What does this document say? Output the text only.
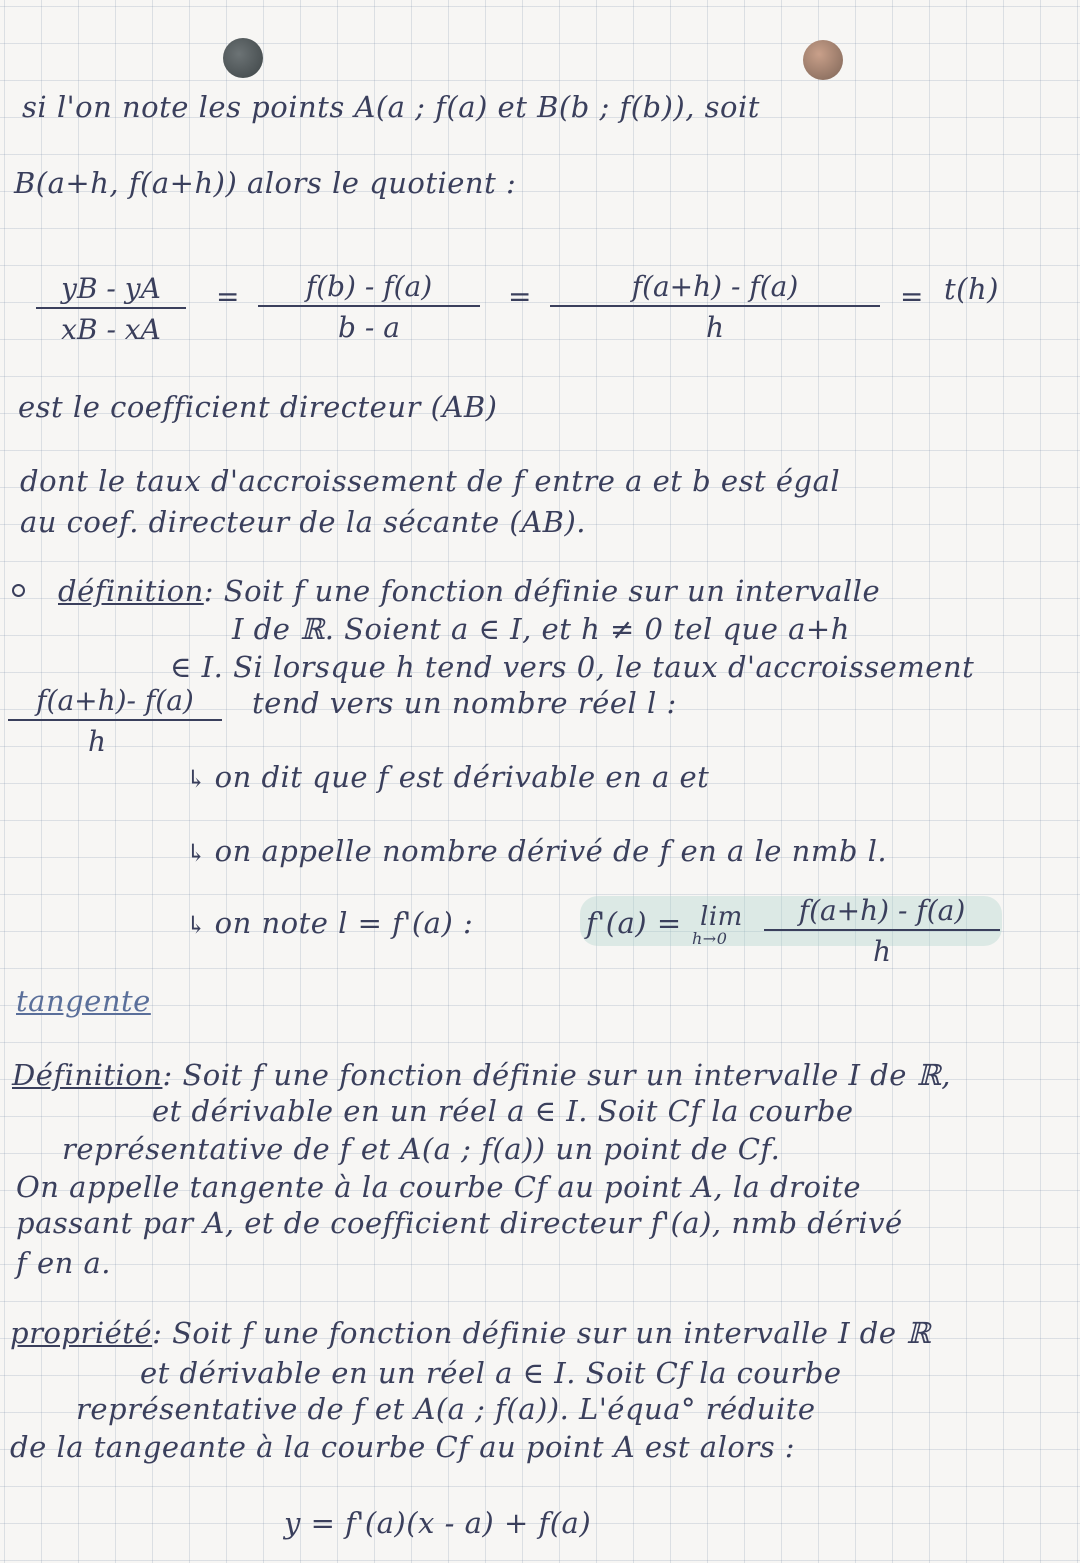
si l'on note les points A(a ; f(a) et B(b ; f(b)), soit
B(a+h, f(a+h)) alors le quotient :
$\frac{yB - yA}{xB - xA} = \frac{f(b) - f(a)}{b - a} = \frac{f(a+h) - f(a)}{h} = t(h)$
est le coefficient directeur (AB)
dont le taux d'accroissement de f entre a et b est égal
au coef. directeur de la sécante (AB).
définition: Soit f une fonction définie sur un intervalle
I de ℝ. Soient a ∈ I, et h ≠ 0 tel que a+h
∈ I. Si lorsque h tend vers 0, le taux d'accroissement
$\frac{f(a+h)- f(a)}{h}$ tend vers un nombre réel l :
↳ on dit que f est dérivable en a et
↳ on appelle nombre dérivé de f en a le nmb l.
↳ on note l = f'(a) :	f'(a) = lim
$h\to 0 \frac{f(a+h) - f(a)}{h}$
tangente
Définition: Soit f une fonction définie sur un intervalle I de ℝ,
et dérivable en un réel a ∈ I. Soit Cf la courbe
représentative de f et A(a ; f(a)) un point de Cf.
On appelle tangente à la courbe Cf au point A, la droite
passant par A, et de coefficient directeur f'(a), nmb dérivé
f en a.
propriété: Soit f une fonction définie sur un intervalle I de ℝ
et dérivable en un réel a ∈ I. Soit Cf la courbe
représentative de f et A(a ; f(a)). L'équa° réduite
de la tangeante à la courbe Cf au point A est alors :
y = f'(a)(x - a) + f(a)
